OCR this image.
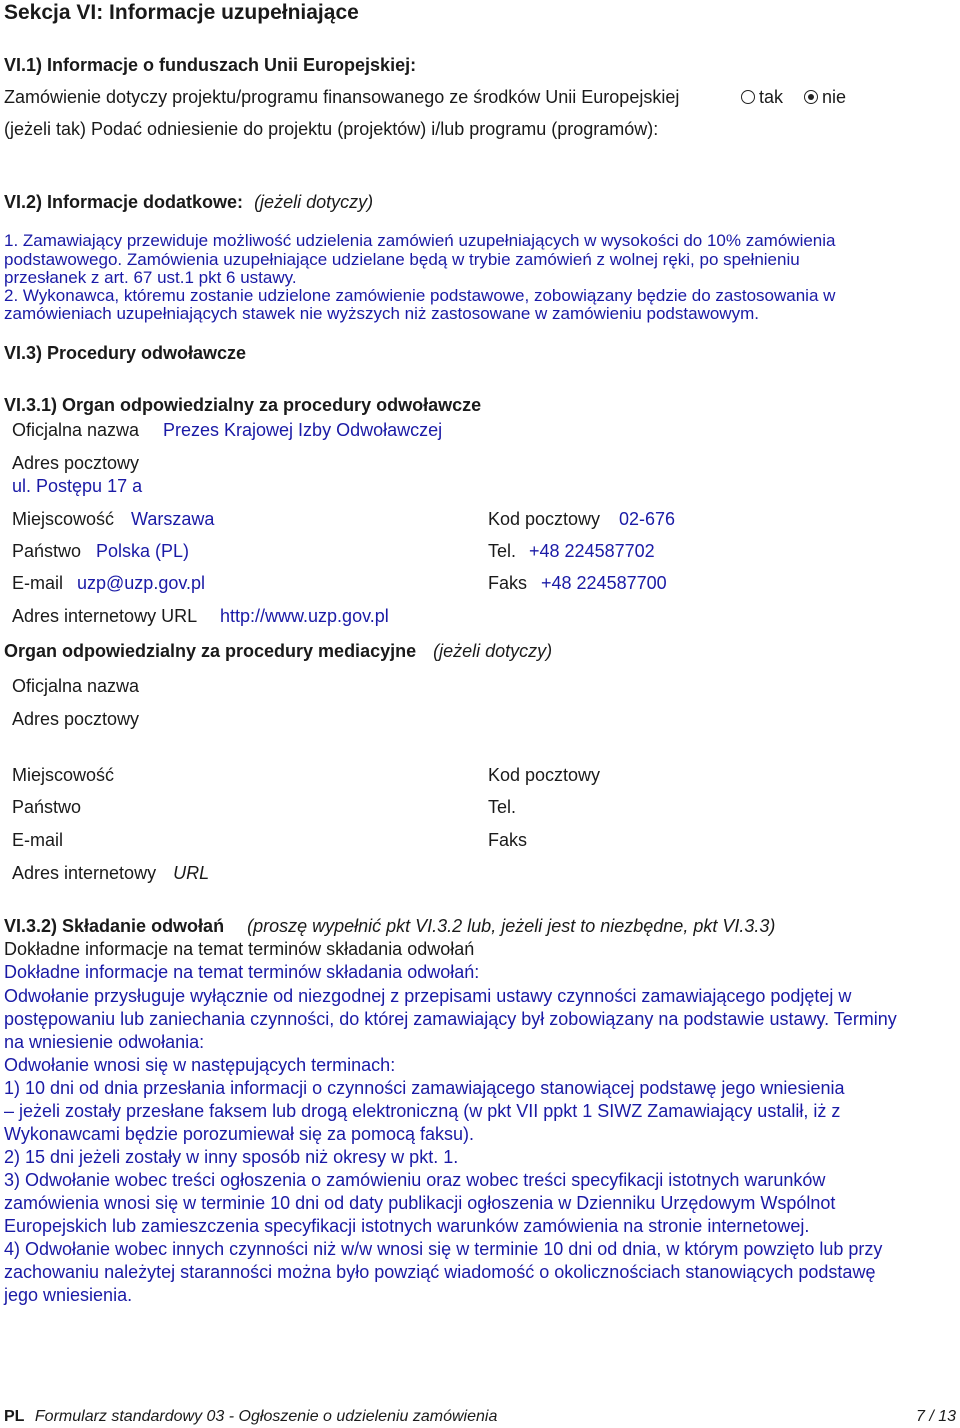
Sekcja VI: Informacje uzupełniające
VI.1) Informacje o funduszach Unii Europejskiej:
Zamówienie dotyczy projektu/programu finansowanego ze środków Unii Europejskiej	tak	nie
(jeżeli tak) Podać odniesienie do projektu (projektów) i/lub programu (programów):
VI.2) Informacje dodatkowe: (jeżeli dotyczy)
1. Zamawiający przewiduje możliwość udzielenia zamówień uzupełniających w wysokości do 10% zamówienia
podstawowego. Zamówienia uzupełniające udzielane będą w trybie zamówień z wolnej ręki, po spełnieniu
przesłanek z art. 67 ust.1 pkt 6 ustawy.
2. Wykonawca, któremu zostanie udzielone zamówienie podstawowe, zobowiązany będzie do zastosowania w
zamówieniach uzupełniających stawek nie wyższych niż zastosowane w zamówieniu podstawowym.
VI.3) Procedury odwoławcze
VI.3.1) Organ odpowiedzialny za procedury odwoławcze
Oficjalna nazwa Prezes Krajowej Izby Odwoławczej
Adres pocztowy
ul. Postępu 17 a
Miejscowość Warszawa	Kod pocztowy 02-676
Państwo Polska (PL)	Tel. +48 224587702
E-mail uzp@uzp.gov.pl	Faks +48 224587700
Adres internetowy URL http://www.uzp.gov.pl
Organ odpowiedzialny za procedury mediacyjne (jeżeli dotyczy)
Oficjalna nazwa
Adres pocztowy
Miejscowość	Kod pocztowy
Państwo	Tel.
E-mail	Faks
Adres internetowy URL
VI.3.2) Składanie odwołań (proszę wypełnić pkt VI.3.2 lub, jeżeli jest to niezbędne, pkt VI.3.3)
Dokładne informacje na temat terminów składania odwołań
Dokładne informacje na temat terminów składania odwołań:
Odwołanie przysługuje wyłącznie od niezgodnej z przepisami ustawy czynności zamawiającego podjętej w
postępowaniu lub zaniechania czynności, do której zamawiający był zobowiązany na podstawie ustawy. Terminy
na wniesienie odwołania:
Odwołanie wnosi się w następujących terminach:
1) 10 dni od dnia przesłania informacji o czynności zamawiającego stanowiącej podstawę jego wniesienia
– jeżeli zostały przesłane faksem lub drogą elektroniczną (w pkt VII ppkt 1 SIWZ Zamawiający ustalił, iż z
Wykonawcami będzie porozumiewał się za pomocą faksu).
2) 15 dni jeżeli zostały w inny sposób niż okresy w pkt. 1.
3) Odwołanie wobec treści ogłoszenia o zamówieniu oraz wobec treści specyfikacji istotnych warunków
zamówienia wnosi się w terminie 10 dni od daty publikacji ogłoszenia w Dzienniku Urzędowym Wspólnot
Europejskich lub zamieszczenia specyfikacji istotnych warunków zamówienia na stronie internetowej.
4) Odwołanie wobec innych czynności niż w/w wnosi się w terminie 10 dni od dnia, w którym powzięto lub przy
zachowaniu należytej staranności można było powziąć wiadomość o okolicznościach stanowiących podstawę
jego wniesienia.
PL Formularz standardowy 03 - Ogłoszenie o udzieleniu zamówienia	7 / 13
